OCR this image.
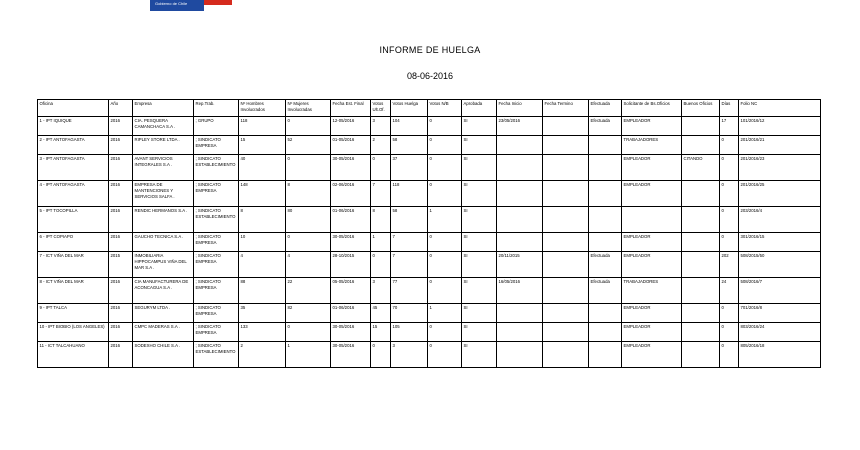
Gobierno de Chile
INFORME DE HUELGA
08-06-2016
Oficina	Año	Empresa	Rep.Trab.	Nº Hombres Involucrados	Nº Mujeres Involucradas	Fecha Est. Final	Votos Ult.Of.	Votos Huelga	Votos N/B	Aprobada	Fecha Inicio	Fecha Termino	Efectuada	Solicitante de Bs.Oficios	Buenos Oficios	Días	Folio NC
1 - IPT IQUIQUE	2016	CIA. PESQUERA CAMANCHACA S.A .	; GRUPO	118	0	12-05/2016	3	104	0	SI	23/05/2016		Efectuada	EMPLEADOR		17	101/2016/12
2 - IPT ANTOFAGASTA	2016	RIPLEY STORE LTDA .	; SINDICATO EMPRESA	15	52	01-05/2016	2	58	0	SI				TRABAJADORES		0	201/2016/21
3 - IPT ANTOFAGASTA	2016	AVANT SERVICIOS INTEGRALES S.A .	; SINDICATO ESTABLECIMIENTO	40	0	30-05/2016	0	37	0	SI				EMPLEADOR	CITANDO	0	201/2016/23
4 - IPT ANTOFAGASTA	2016	EMPRESA DE MANTENCIONES Y SERVICIOS SALFA .	; SINDICATO EMPRESA	148	8	02-06/2016	7	118	0	SI				EMPLEADOR		0	201/2016/25
5 - IPT TOCOPILLA	2016	RENDIC HERMANOS S.A .	; SINDICATO ESTABLECIMIENTO	8	80	01-06/2016	8	58	1	SI						0	203/2016/4
6 - IPT COPIAPO	2016	GAUCHO TECNICA S.A .	; SINDICATO EMPRESA	10	0	30-05/2016	1	7	0	SI				EMPLEADOR		0	301/2016/15
7 - ICT VIÑA DEL MAR	2015	INMOBILIARIA HIPPOCAMPUS VIÑA DEL MAR S.A .	; SINDICATO EMPRESA	4	4	28-10/2015	0	7	0	SI	20/11/2015		Efectuada	EMPLEADOR		202	508/2015/50
8 - ICT VIÑA DEL MAR	2016	CIA MANUFACTURERA DE ACONCAGUA S.A .	; SINDICATO EMPRESA	88	22	05-05/2016	3	77	0	SI	16/05/2016		Efectuada	TRABAJADORES		24	508/2016/7
9 - IPT TALCA	2016	SEGURYM LTDA .	; SINDICATO EMPRESA	35	82	01-06/2016	45	70	1	SI				EMPLEADOR		0	701/2016/8
10 - IPT BIOBIO (LOS ANGELES)	2016	CMPC MADERAS S.A .	; SINDICATO EMPRESA	133	0	30-05/2016	15	105	0	SI				EMPLEADOR		0	803/2016/24
11 - ICT TALCAHUANO	2016	SODEXHO CHILE S.A .	; SINDICATO ESTABLECIMIENTO	2	1	30-05/2016	0	3	0	SI				EMPLEADOR		0	805/2016/18
